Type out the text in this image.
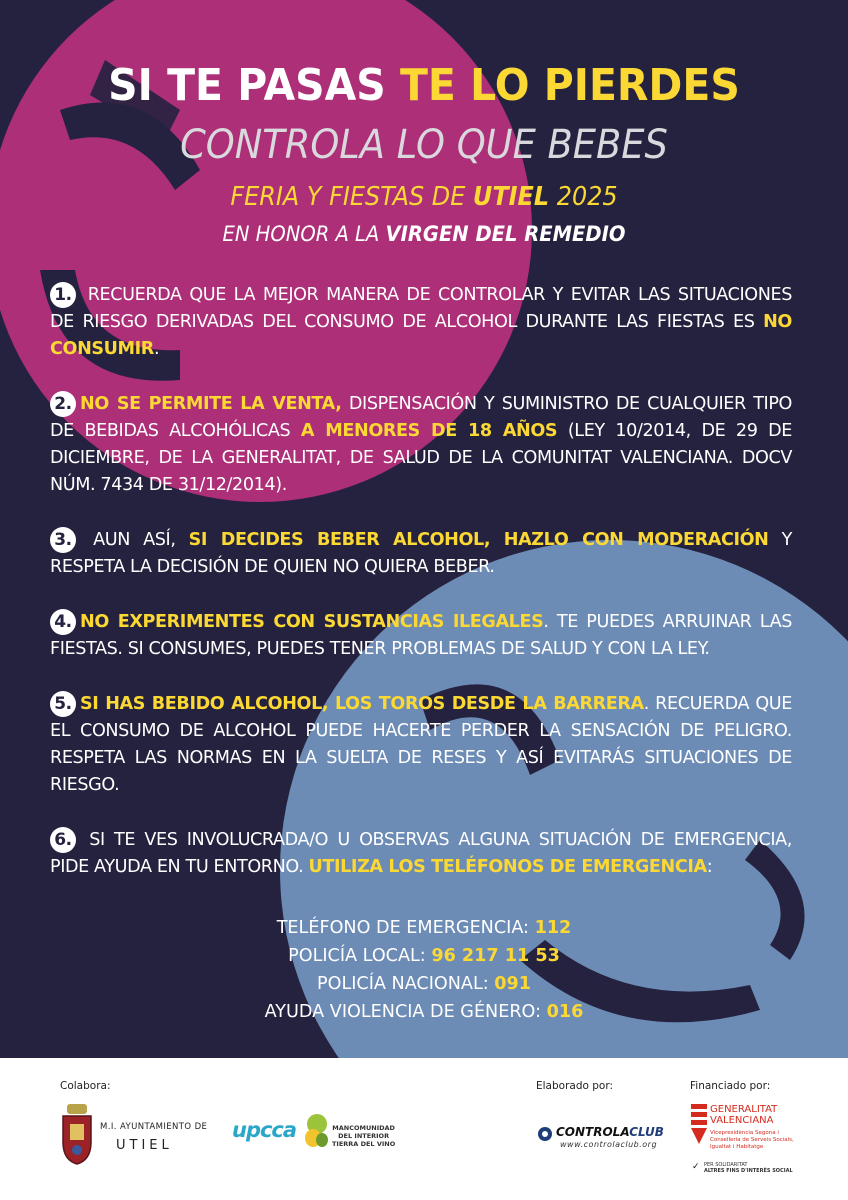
SI TE PASAS TE LO PIERDES
CONTROLA LO QUE BEBES
FERIA Y FIESTAS DE UTIEL 2025
EN HONOR A LA VIRGEN DEL REMEDIO

1. RECUERDA QUE LA MEJOR MANERA DE CONTROLAR Y EVITAR LAS SITUACIONES DE RIESGO DERIVADAS DEL CONSUMO DE ALCOHOL DURANTE LAS FIESTAS ES NO CONSUMIR.

2. NO SE PERMITE LA VENTA, DISPENSACIÓN Y SUMINISTRO DE CUALQUIER TIPO DE BEBIDAS ALCOHÓLICAS A MENORES DE 18 AÑOS (LEY 10/2014, DE 29 DE DICIEMBRE, DE LA GENERALITAT, DE SALUD DE LA COMUNITAT VALENCIANA. DOCV NÚM. 7434 DE 31/12/2014).

3. AUN ASÍ, SI DECIDES BEBER ALCOHOL, HAZLO CON MODERACIÓN Y RESPETA LA DECISIÓN DE QUIEN NO QUIERA BEBER.

4. NO EXPERIMENTES CON SUSTANCIAS ILEGALES. TE PUEDES ARRUINAR LAS FIESTAS. SI CONSUMES, PUEDES TENER PROBLEMAS DE SALUD Y CON LA LEY.

5. SI HAS BEBIDO ALCOHOL, LOS TOROS DESDE LA BARRERA. RECUERDA QUE EL CONSUMO DE ALCOHOL PUEDE HACERTE PERDER LA SENSACIÓN DE PELIGRO. RESPETA LAS NORMAS EN LA SUELTA DE RESES Y ASÍ EVITARÁS SITUACIONES DE RIESGO.

6. SI TE VES INVOLUCRADA/O U OBSERVAS ALGUNA SITUACIÓN DE EMERGENCIA, PIDE AYUDA EN TU ENTORNO. UTILIZA LOS TELÉFONOS DE EMERGENCIA:

TELÉFONO DE EMERGENCIA: 112
POLICÍA LOCAL: 96 217 11 53
POLICÍA NACIONAL: 091
AYUDA VIOLENCIA DE GÉNERO: 016
Colabora:	Elaborado por:	Financiado por:
M.I. AYUNTAMIENTO DE
UTIEL
upcca	MANCOMUNIDAD
DEL INTERIOR
TIERRA DEL VINO
CONTROLACLUB
www.controlaclub.org
GENERALITAT
VALENCIANA
Vicepresidència Segona i
Conselleria de Serveis Socials,
Igualtat i Habitatge
✓ PER SOLIDARITAT
ALTRES FINS D'INTERÈS SOCIAL
